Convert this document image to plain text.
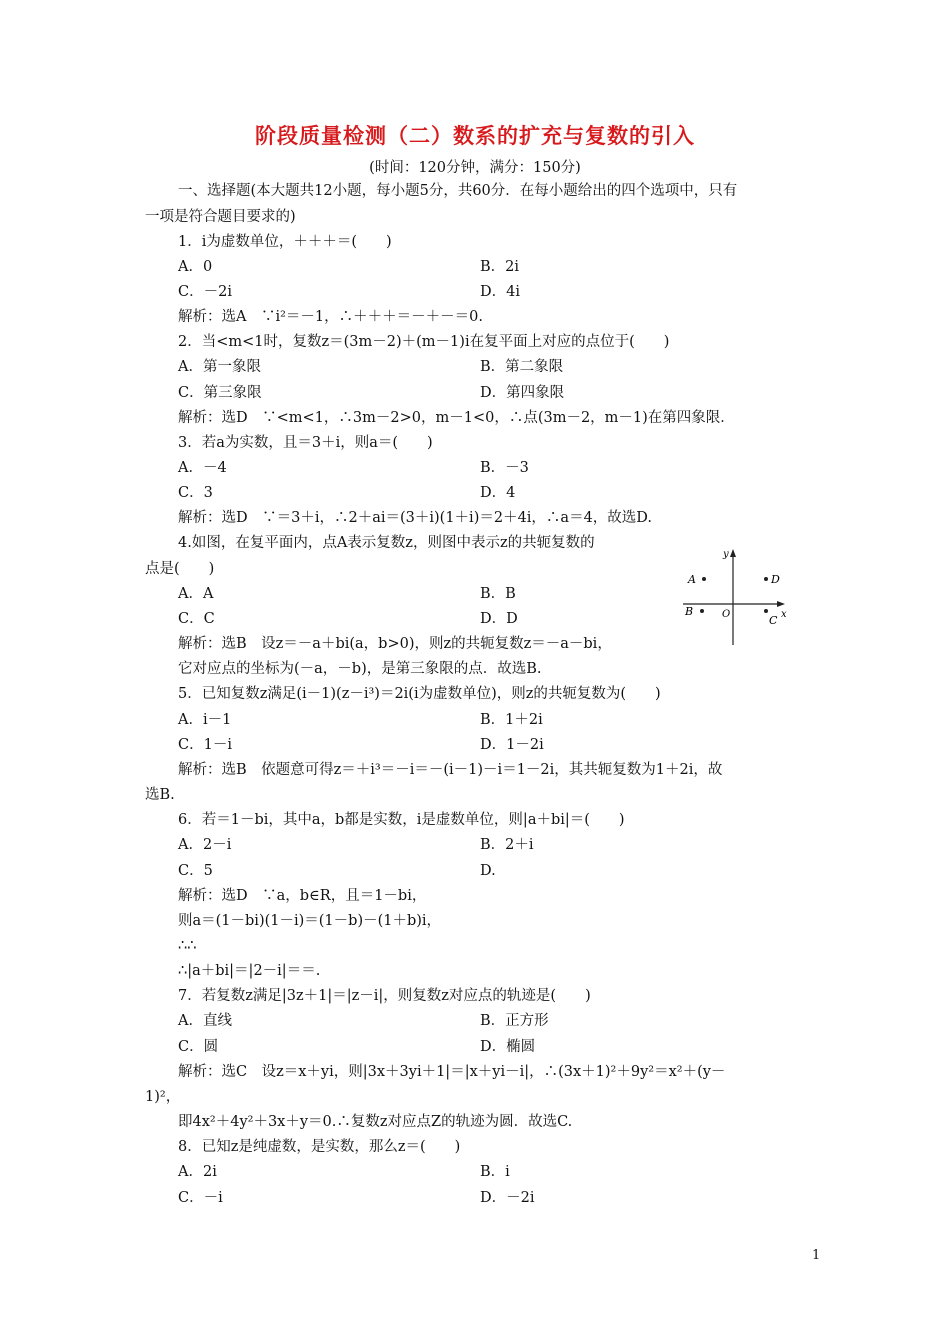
阶段质量检测（二）数系的扩充与复数的引入
(时间：120分钟，满分：150分)
一、选择题(本大题共12小题，每小题5分，共60分．在每小题给出的四个选项中，只有
一项是符合题目要求的)
1．i为虚数单位，＋＋＋＝(　　)
A．0	B．2i
C．－2i	D．4i
解析：选A　∵i²＝－1，∴＋＋＋＝－＋－＝0.
2．当<m<1时，复数z＝(3m－2)＋(m－1)i在复平面上对应的点位于(　　)
A．第一象限	B．第二象限
C．第三象限	D．第四象限
解析：选D　∵<m<1，∴3m－2>0，m－1<0，∴点(3m－2，m－1)在第四象限．
3．若a为实数，且＝3＋i，则a＝(　　)
A．－4	B．－3
C．3	D．4
解析：选D　∵＝3＋i，∴2＋ai＝(3＋i)(1＋i)＝2＋4i，∴a＝4，故选D.
4.如图，在复平面内，点A表示复数z，则图中表示z的共轭复数的
点是(　　)
A．A	B．B
C．C	D．D
解析：选B　设z＝－a＋bi(a，b>0)，则z的共轭复数z＝－a－bi，
它对应点的坐标为(－a，－b)，是第三象限的点．故选B.
y
A	D
B	O	x
C
5．已知复数z满足(i－1)(z－i³)＝2i(i为虚数单位)，则z的共轭复数为(　　)
A．i－1	B．1＋2i
C．1－i	D．1－2i
解析：选B　依题意可得z＝＋i³＝－i＝－(i－1)－i＝1－2i，其共轭复数为1＋2i，故
选B.
6．若＝1－bi，其中a，b都是实数，i是虚数单位，则|a＋bi|＝(　　)
A．2－i	B．2＋i
C．5	D.
解析：选D　∵a，b∈R，且＝1－bi，
则a＝(1－bi)(1－i)＝(1－b)－(1＋b)i，
∴∴
∴|a＋bi|＝|2－i|＝＝.
7．若复数z满足|3z＋1|＝|z－i|，则复数z对应点的轨迹是(　　)
A．直线	B．正方形
C．圆	D．椭圆
解析：选C　设z＝x＋yi，则|3x＋3yi＋1|＝|x＋yi－i|，∴(3x＋1)²＋9y²＝x²＋(y－
1)²，
即4x²＋4y²＋3x＋y＝0.∴复数z对应点Z的轨迹为圆．故选C.
8．已知z是纯虚数，是实数，那么z＝(　　)
A．2i	B．i
C．－i	D．－2i
1
